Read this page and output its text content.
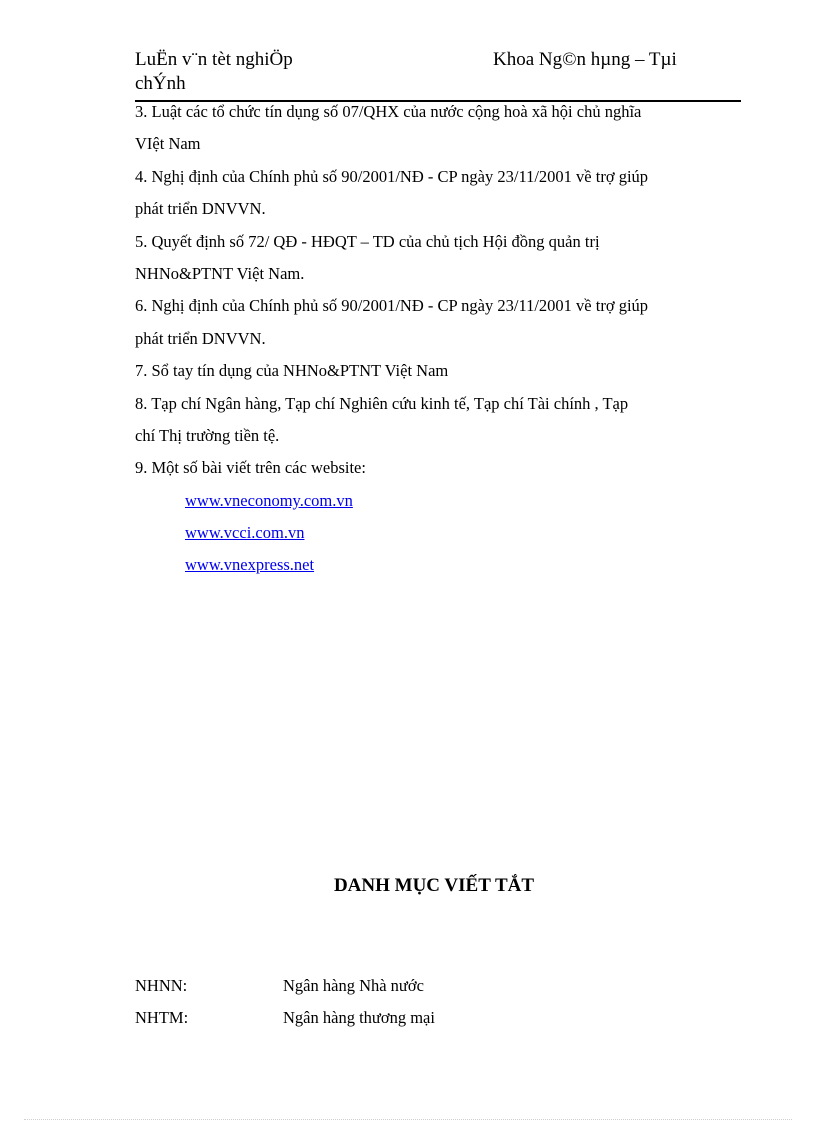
LuËn v¨n tèt nghiÖp
chÝnh
Khoa Ng©n hµng – Tµi
3. Luật các tổ chức tín dụng số 07/QHX của nước cộng hoà xã hội chủ nghĩa
VIệt Nam
4. Nghị định của Chính phủ số 90/2001/NĐ - CP ngày 23/11/2001 về trợ giúp
phát triển DNVVN.
5. Quyết định số 72/ QĐ - HĐQT – TD của chủ tịch Hội đồng quản trị
NHNo&PTNT Việt Nam.
6. Nghị định của Chính phủ số 90/2001/NĐ - CP ngày 23/11/2001 về trợ giúp
phát triển DNVVN.
7. Sổ tay tín dụng của NHNo&PTNT Việt Nam
8. Tạp chí Ngân hàng, Tạp chí Nghiên cứu kinh tế, Tạp chí Tài chính , Tạp
chí Thị trường tiền tệ.
9. Một số bài viết trên các website:
www.vneconomy.com.vn
www.vcci.com.vn
www.vnexpress.net
DANH MỤC VIẾT TẮT
NHNN:	Ngân hàng Nhà nước
NHTM:	Ngân hàng thương mại
